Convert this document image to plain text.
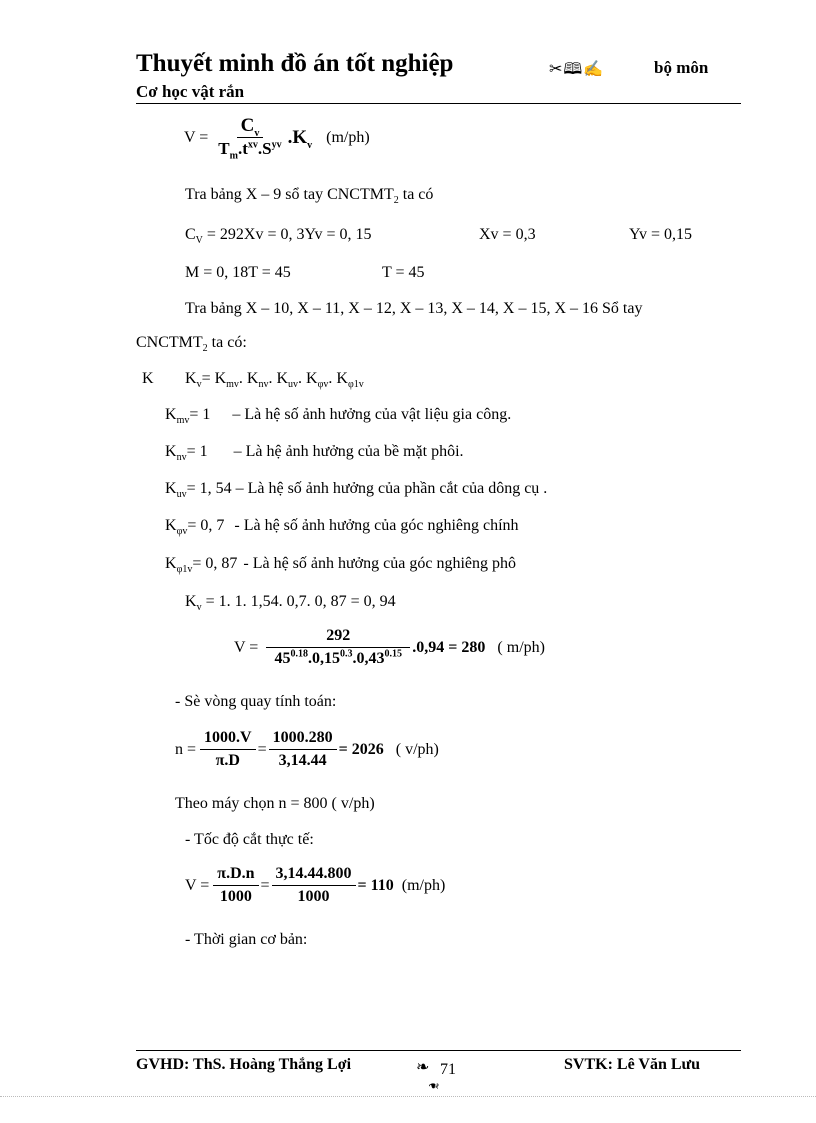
Thuyết minh đồ án tốt nghiệp	✂🕮✍	bộ môn
Cơ học vật rắn
$V = \frac{C_v}{T_m.t^{xv}.S^{yv}} .K_v$ (m/ph)
Tra bảng X – 9 sổ tay $CNCTMT_2$ ta có
$C_V = 292Xv = 0$, 3Yv = 0, 15	Xv = 0,3	Yv = 0,15
M = 0, 18T = 45	T = 45
Tra bảng X – 10, X – 11, X – 12, X – 13, X – 14, X – 15, X – 16 Sổ tay
$CNCTMT_2$ ta có:
K $K_v= K_{mv}$. $K_{nv}$. $K_{uv}$. $K_{\varphi v}$. $K_{\varphi 1v}$
$K_{mv}= 1$ – Là hệ số ảnh hưởng của vật liệu gia công.
$K_{nv}= 1$ – Là hệ ảnh hưởng của bề mặt phôi.
$K_{uv}= 1$, 54 – Là hệ số ảnh hưởng của phần cắt của dông cụ .
$K_{\varphi v}= 0$, 7 - Là hệ số ảnh hưởng của góc nghiêng chính
$K_{\varphi 1v}= 0$, 87 - Là hệ số ảnh hưởng của góc nghiêng phô
$K_v = 1$. 1. 1,54. 0,7. 0, 87 = 0, 94
$V = \frac{292}{45^{0.18}.0,15^{0.3}.0,43^{0.15}} .0,94 = 280$ ( m/ph)
- Sè vòng quay tính toán:
$n = \frac{1000.V}{\pi.D} = \frac{1000.280}{3,14.44} = 2026$ ( v/ph)
Theo máy chọn n = 800 ( v/ph)
- Tốc độ cắt thực tế:
$V = \frac{\pi.D.n}{1000} = \frac{3,14.44.800}{1000} = 110$ (m/ph)
- Thời gian cơ bản:
GVHD: ThS. Hoàng Thắng Lợi	❧ 71
❧
SVTK: Lê Văn Lưu
